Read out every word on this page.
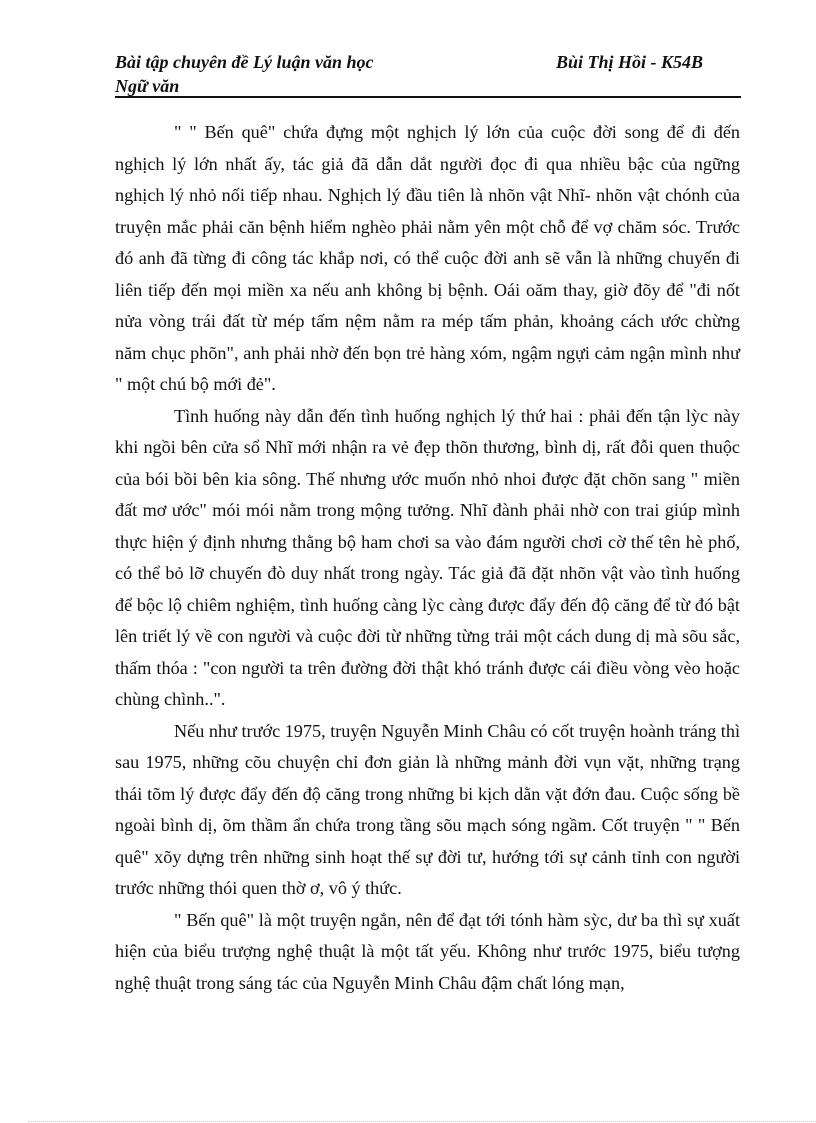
Bài tập chuyên đề Lý luận văn học
Ngữ văn
Bùi Thị Hồi - K54B

" " Bến quê" chứa đựng một nghịch lý lớn của cuộc đời song để đi đến nghịch lý lớn nhất ấy, tác giả đã dẫn dắt người đọc đi qua nhiều bậc của ngững nghịch lý nhỏ nối tiếp nhau. Nghịch lý đầu tiên là nhõn vật Nhĩ- nhõn vật chónh của truyện mắc phải căn bệnh hiểm nghèo phải nằm yên một chỗ để vợ chăm sóc. Trước đó anh đã từng đi công tác khắp nơi, có thể cuộc đời anh sẽ vẫn là những chuyến đi liên tiếp đến mọi miền xa nếu anh không bị bệnh. Oái oăm thay, giờ đõy để "đi nốt nửa vòng trái đất từ mép tấm nệm nằm ra mép tấm phản, khoảng cách ước chừng năm chục phõn", anh phải nhờ đến bọn trẻ hàng xóm, ngậm ngựi cảm ngận mình như " một chú bộ mới đẻ".

Tình huống này dẫn đến tình huống nghịch lý thứ hai : phải đến tận lỳc này khi ngồi bên cửa sổ Nhĩ mới nhận ra vẻ đẹp thõn thương, bình dị, rất đỗi quen thuộc của bói bồi bên kia sông. Thế nhưng ước muốn nhỏ nhoi được đặt chõn sang " miền đất mơ ước" mói mói nằm trong mộng tưởng. Nhĩ đành phải nhờ con trai giúp mình thực hiện ý định nhưng thằng bộ ham chơi sa vào đám người chơi cờ thế tên hè phố, có thể bỏ lỡ chuyến đò duy nhất trong ngày. Tác giả đã đặt nhõn vật vào tình huống để bộc lộ chiêm nghiệm, tình huống càng lỳc càng được đẩy đến độ căng để từ đó bật lên triết lý về con người và cuộc đời từ những từng trải một cách dung dị mà sõu sắc, thấm thóa : "con người ta trên đường đời thật khó tránh được cái điều vòng vèo hoặc chùng chình..".

Nếu như trước 1975, truyện Nguyễn Minh Châu có cốt truyện hoành tráng thì sau 1975, những cõu chuyện chỉ đơn giản là những mảnh đời vụn vặt, những trạng thái tõm lý được đẩy đến độ căng trong những bi kịch dằn vặt đớn đau. Cuộc sống bề ngoài bình dị, õm thầm ẩn chứa trong tầng sõu mạch sóng ngầm. Cốt truyện " " Bến quê" xõy dựng trên những sinh hoạt thế sự đời tư, hướng tới sự cảnh tỉnh con người trước những thói quen thờ ơ, vô ý thức.

" Bến quê" là một truyện ngắn, nên để đạt tới tónh hàm sỳc, dư ba thì sự xuất hiện của biểu trượng nghệ thuật là một tất yếu. Không như trước 1975, biểu tượng nghệ thuật trong sáng tác của Nguyễn Minh Châu đậm chất lóng mạn,
